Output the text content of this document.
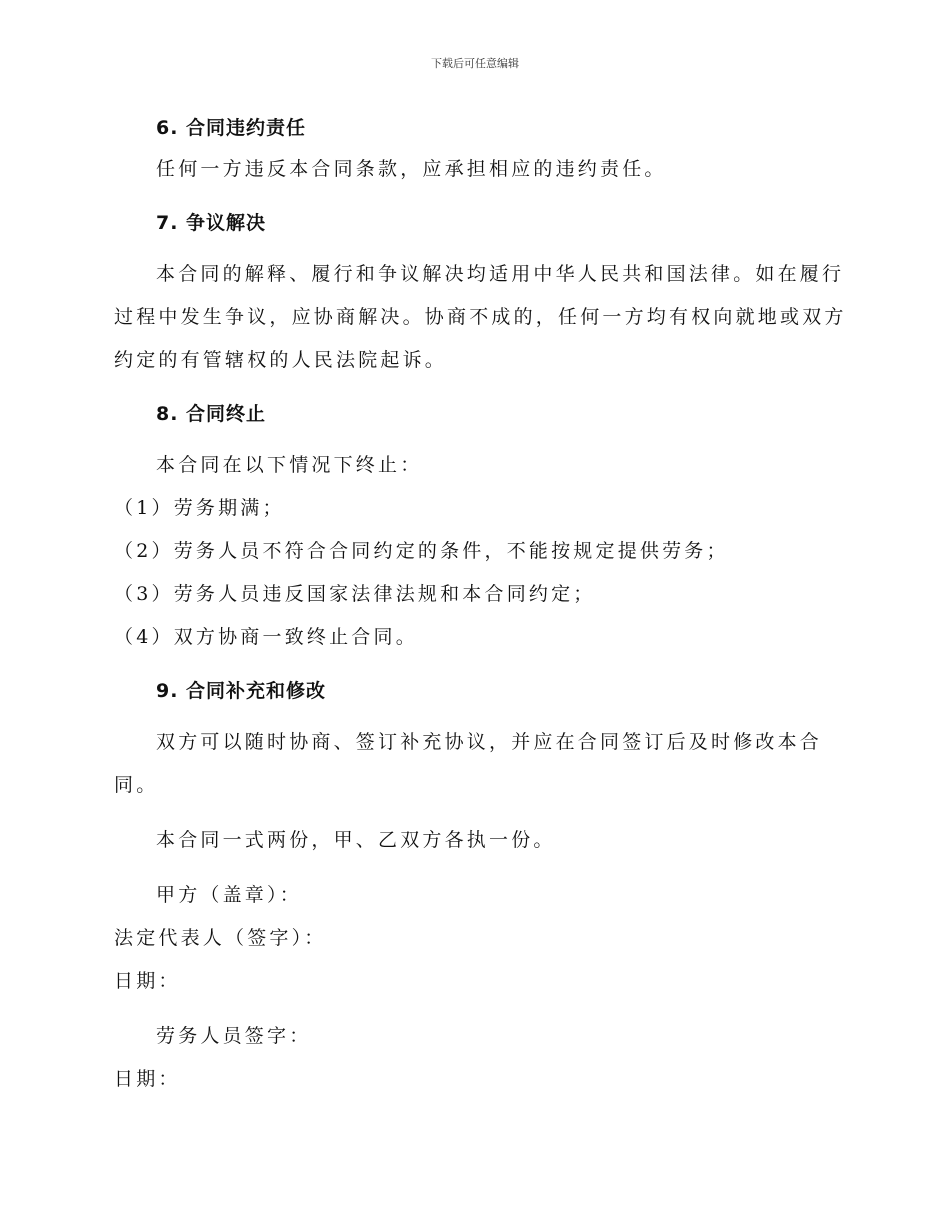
下载后可任意编辑
6. 合同违约责任

任何一方违反本合同条款，应承担相应的违约责任。

7. 争议解决

本合同的解释、履行和争议解决均适用中华人民共和国法律。如在履行

过程中发生争议，应协商解决。协商不成的，任何一方均有权向就地或双方

约定的有管辖权的人民法院起诉。

8. 合同终止

本合同在以下情况下终止：

（1）劳务期满；

（2）劳务人员不符合合同约定的条件，不能按规定提供劳务；

（3）劳务人员违反国家法律法规和本合同约定；

（4）双方协商一致终止合同。

9. 合同补充和修改

双方可以随时协商、签订补充协议，并应在合同签订后及时修改本合

同。

本合同一式两份，甲、乙双方各执一份。

甲方（盖章）：

法定代表人（签字）：

日期：

劳务人员签字：

日期：
